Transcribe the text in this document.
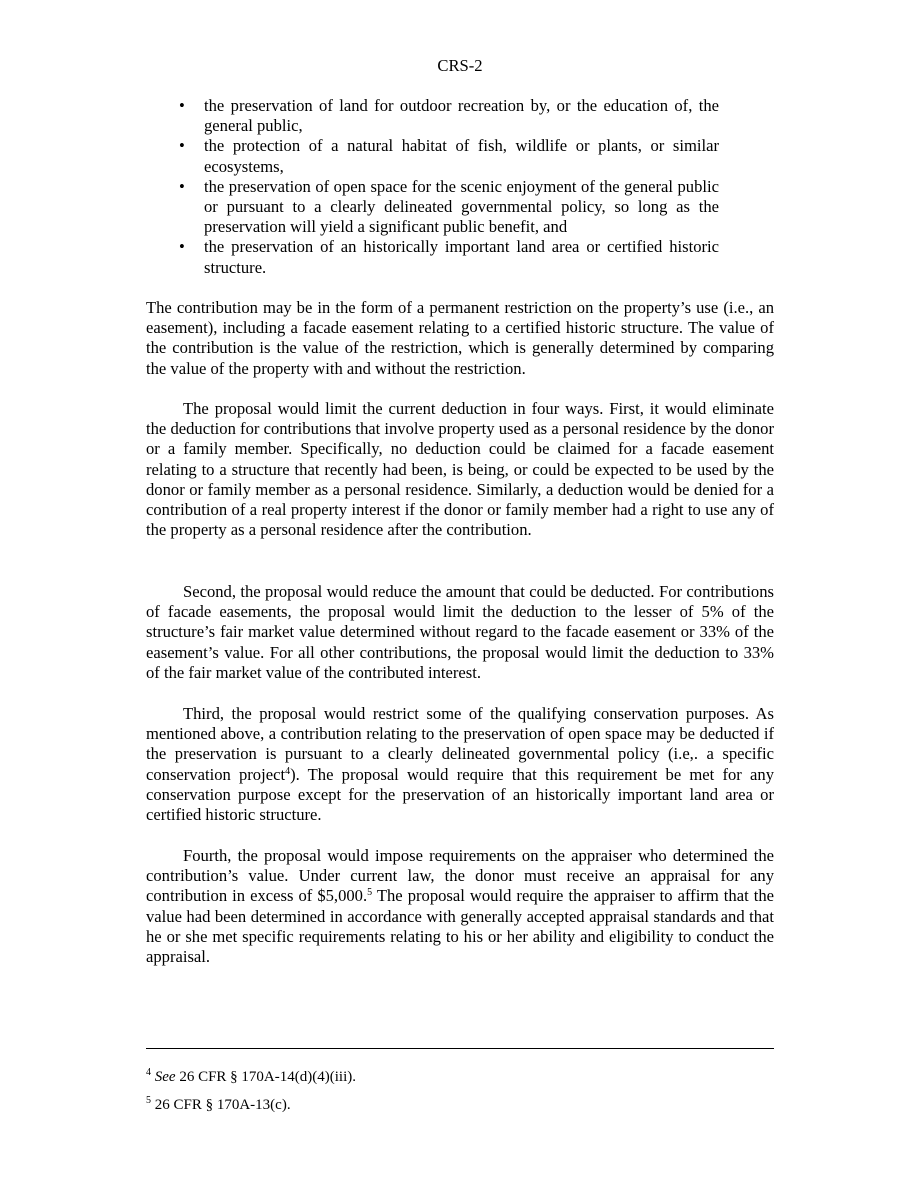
CRS-2
• the preservation of land for outdoor recreation by, or the education of, the general public,
• the protection of a natural habitat of fish, wildlife or plants, or similar ecosystems,
• the preservation of open space for the scenic enjoyment of the general public or pursuant to a clearly delineated governmental policy, so long as the preservation will yield a significant public benefit, and
• the preservation of an historically important land area or certified historic structure.

The contribution may be in the form of a permanent restriction on the property’s use (i.e., an easement), including a facade easement relating to a certified historic structure. The value of the contribution is the value of the restriction, which is generally determined by comparing the value of the property with and without the restriction.

The proposal would limit the current deduction in four ways. First, it would eliminate the deduction for contributions that involve property used as a personal residence by the donor or a family member. Specifically, no deduction could be claimed for a facade easement relating to a structure that recently had been, is being, or could be expected to be used by the donor or family member as a personal residence. Similarly, a deduction would be denied for a contribution of a real property interest if the donor or family member had a right to use any of the property as a personal residence after the contribution.

Second, the proposal would reduce the amount that could be deducted. For contributions of facade easements, the proposal would limit the deduction to the lesser of 5% of the structure’s fair market value determined without regard to the facade easement or 33% of the easement’s value. For all other contributions, the proposal would limit the deduction to 33% of the fair market value of the contributed interest.

Third, the proposal would restrict some of the qualifying conservation purposes. As mentioned above, a contribution relating to the preservation of open space may be deducted if the preservation is pursuant to a clearly delineated governmental policy (i.e,. a specific conservation project$^4$). The proposal would require that this requirement be met for any conservation purpose except for the preservation of an historically important land area or certified historic structure.

Fourth, the proposal would impose requirements on the appraiser who determined the contribution’s value. Under current law, the donor must receive an appraisal for any contribution in excess of $5,000.$^5$ The proposal would require the appraiser to affirm that the value had been determined in accordance with generally accepted appraisal standards and that he or she met specific requirements relating to his or her ability and eligibility to conduct the appraisal.

$^4$ See 26 CFR § 170A-14(d)(4)(iii).

$^5$ 26 CFR § 170A-13(c).
